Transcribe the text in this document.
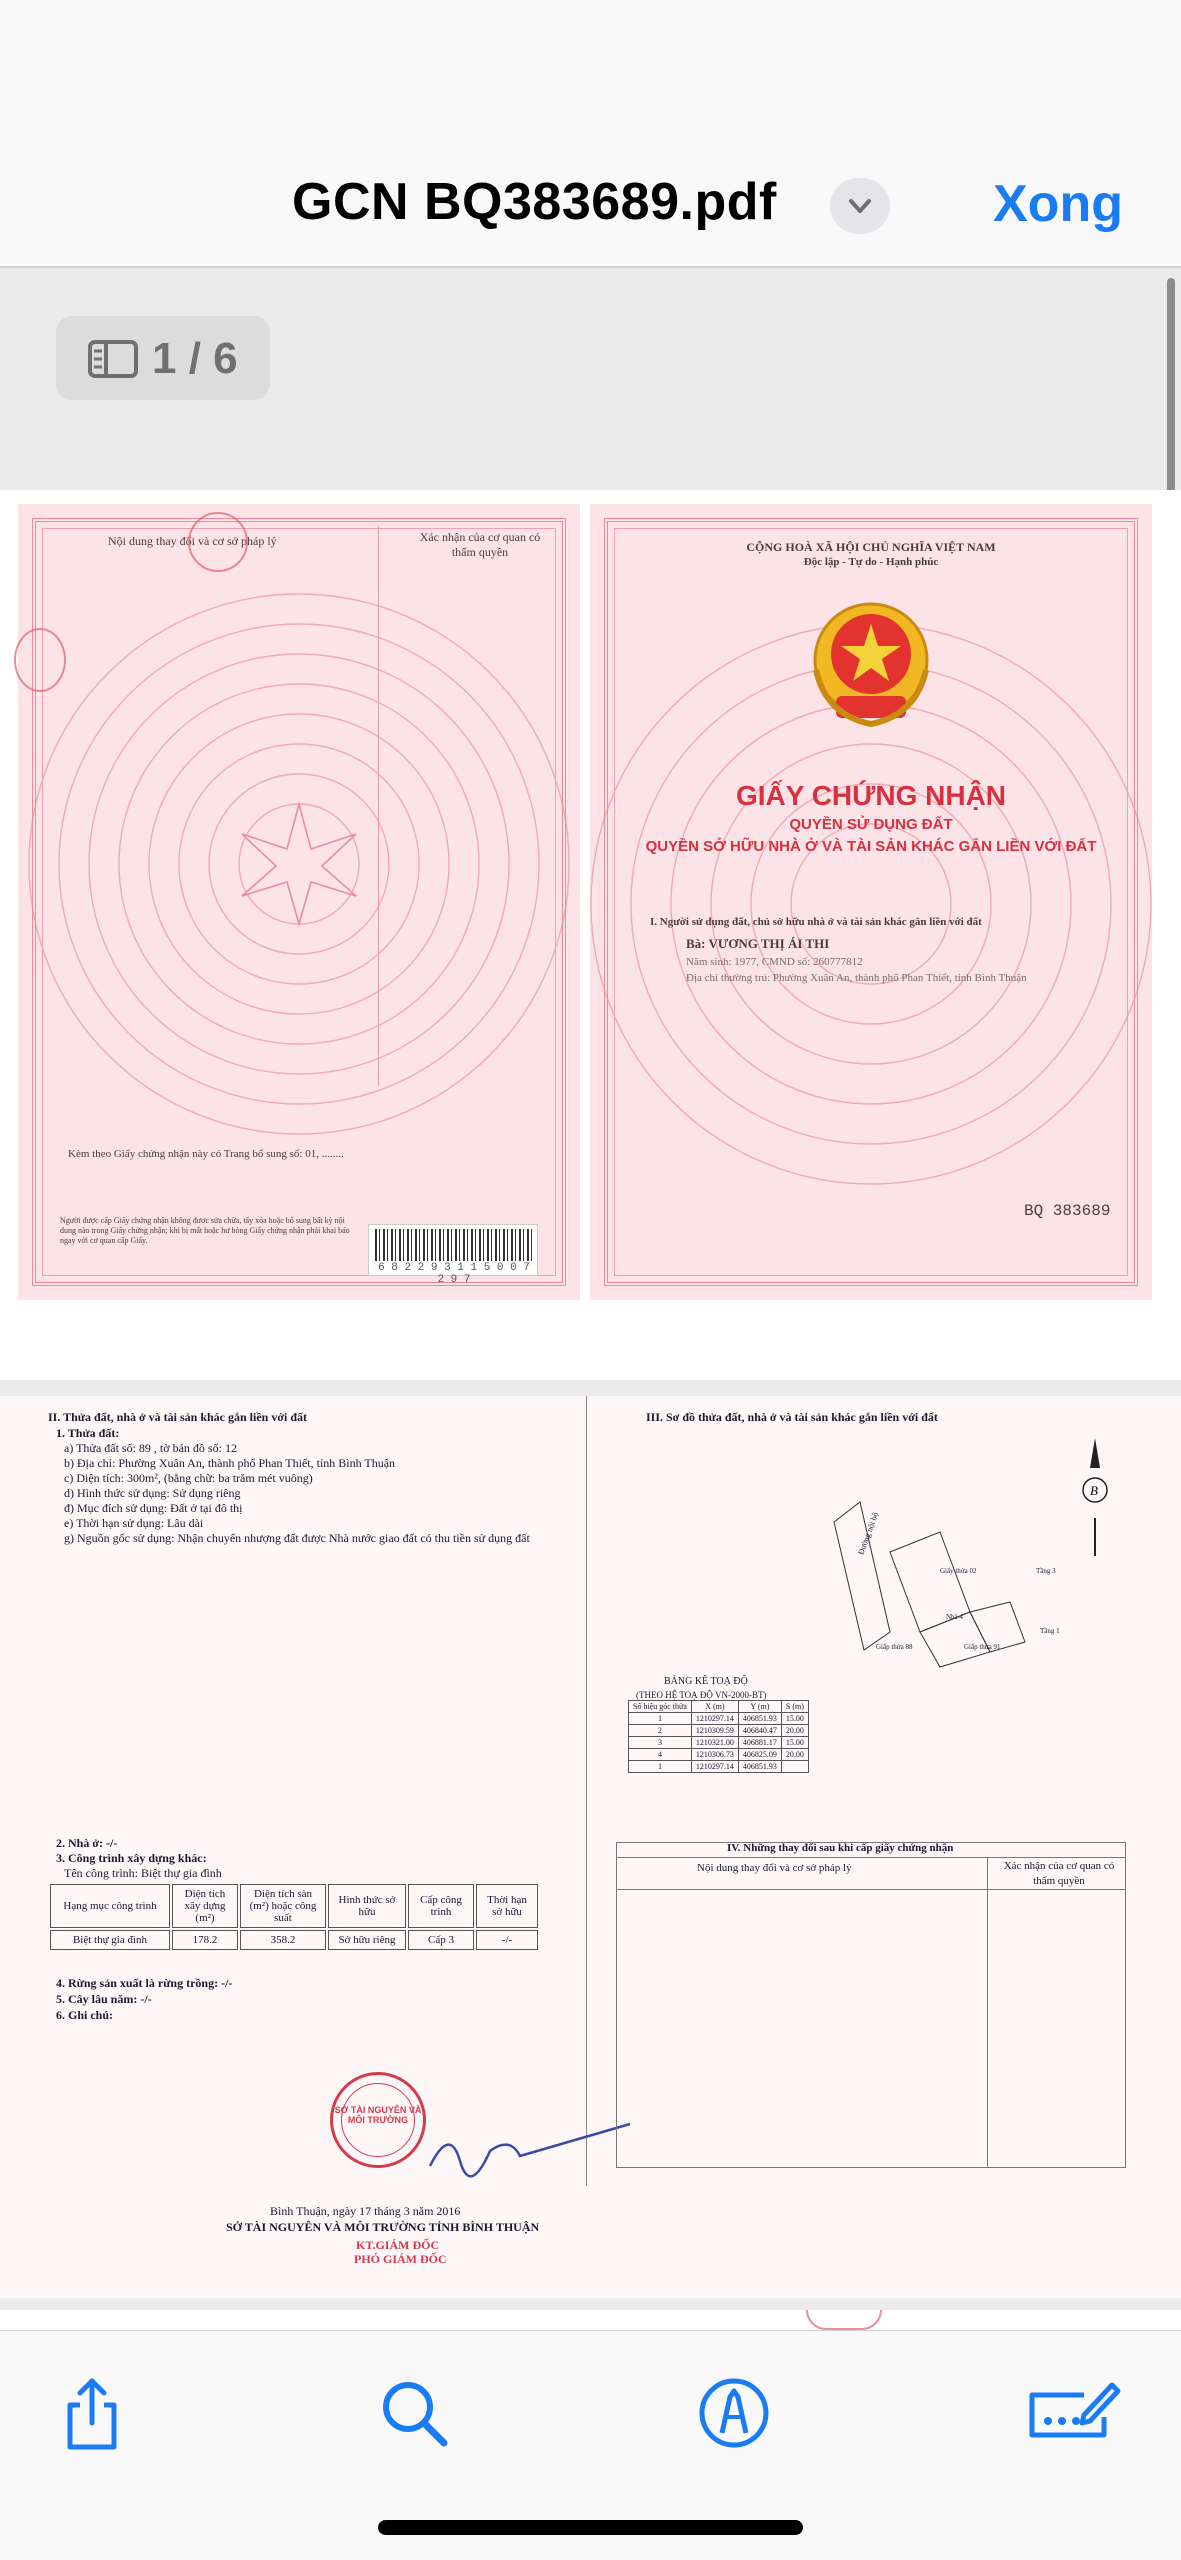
GCN BQ383689.pdf	Xong
1 / 6
Nội dung thay đổi và cơ sở pháp lý	Xác nhận của cơ quan có thẩm quyền
Kèm theo Giấy chứng nhận này có Trang bổ sung số: 01, ........
Người được cấp Giấy chứng nhận không được sửa chữa, tẩy xóa hoặc bổ sung bất kỳ nội dung nào trong Giấy chứng nhận; khi bị mất hoặc hư hỏng Giấy chứng nhận phải khai báo ngay với cơ quan cấp Giấy.
6 8 2 2 9 3 1 1 5 0 0 7 2 9 7
CỘNG HOÀ XÃ HỘI CHỦ NGHĨA VIỆT NAM
Độc lập - Tự do - Hạnh phúc
GIẤY CHỨNG NHẬN
QUYỀN SỬ DỤNG ĐẤT
QUYỀN SỞ HỮU NHÀ Ở VÀ TÀI SẢN KHÁC GẮN LIỀN VỚI ĐẤT
I. Người sử dụng đất, chủ sở hữu nhà ở và tài sản khác gắn liền với đất
Bà: VƯƠNG THỊ ÁI THI
Năm sinh: 1977, CMND số: 260777812
Địa chỉ thường trú: Phường Xuân An, thành phố Phan Thiết, tỉnh Bình Thuận
BQ 383689
II. Thửa đất, nhà ở và tài sản khác gắn liền với đất
1. Thửa đất:
a) Thửa đất số: 89 , tờ bản đồ số: 12
b) Địa chỉ: Phường Xuân An, thành phố Phan Thiết, tỉnh Bình Thuận
c) Diện tích: 300m², (bằng chữ: ba trăm mét vuông)
d) Hình thức sử dụng: Sử dụng riêng
đ) Mục đích sử dụng: Đất ở tại đô thị
e) Thời hạn sử dụng: Lâu dài
g) Nguồn gốc sử dụng: Nhận chuyển nhượng đất được Nhà nước giao đất có thu tiền sử dụng đất
2. Nhà ở: -/-
3. Công trình xây dựng khác:
Tên công trình: Biệt thự gia đình
Hạng mục công trình	Diện tích xây dựng (m²)	Diện tích sàn (m²) hoặc công suất	Hình thức sở hữu	Cấp công trình	Thời hạn sở hữu
Biệt thự gia đình	178.2	358.2	Sở hữu riêng	Cấp 3	-/-
4. Rừng sản xuất là rừng trồng: -/-
5. Cây lâu năm: -/-
6. Ghi chú:
Bình Thuận, ngày 17 tháng 3 năm 2016
SỞ TÀI NGUYÊN VÀ MÔI TRƯỜNG TỈNH BÌNH THUẬN
KT.GIÁM ĐỐC
PHÓ GIÁM ĐỐC
SỞ TÀI NGUYÊN VÀ MÔI TRƯỜNG
III. Sơ đồ thửa đất, nhà ở và tài sản khác gắn liền với đất
B
Đường nội bộ
Giấy thửa 02	Tầng 3
Tầng 1
Nhà 4
Giấp thửa 88	Giấp thửa 91
BẢNG KÊ TOẠ ĐỘ
(THEO HỆ TOẠ ĐỘ VN-2000-BT)
Số hiệu góc thửa	X (m)	Y (m)	S (m)
1	1210297.14	406851.93	15.00
2	1210309.59	406840.47	20.00
3	1210321.00	406881.17	15.00
4	1210306.73	406825.09	20.00
1	1210297.14	406851.93	
IV. Những thay đổi sau khi cấp giấy chứng nhận
Nội dung thay đổi và cơ sở pháp lý	Xác nhận của cơ quan có thẩm quyền
